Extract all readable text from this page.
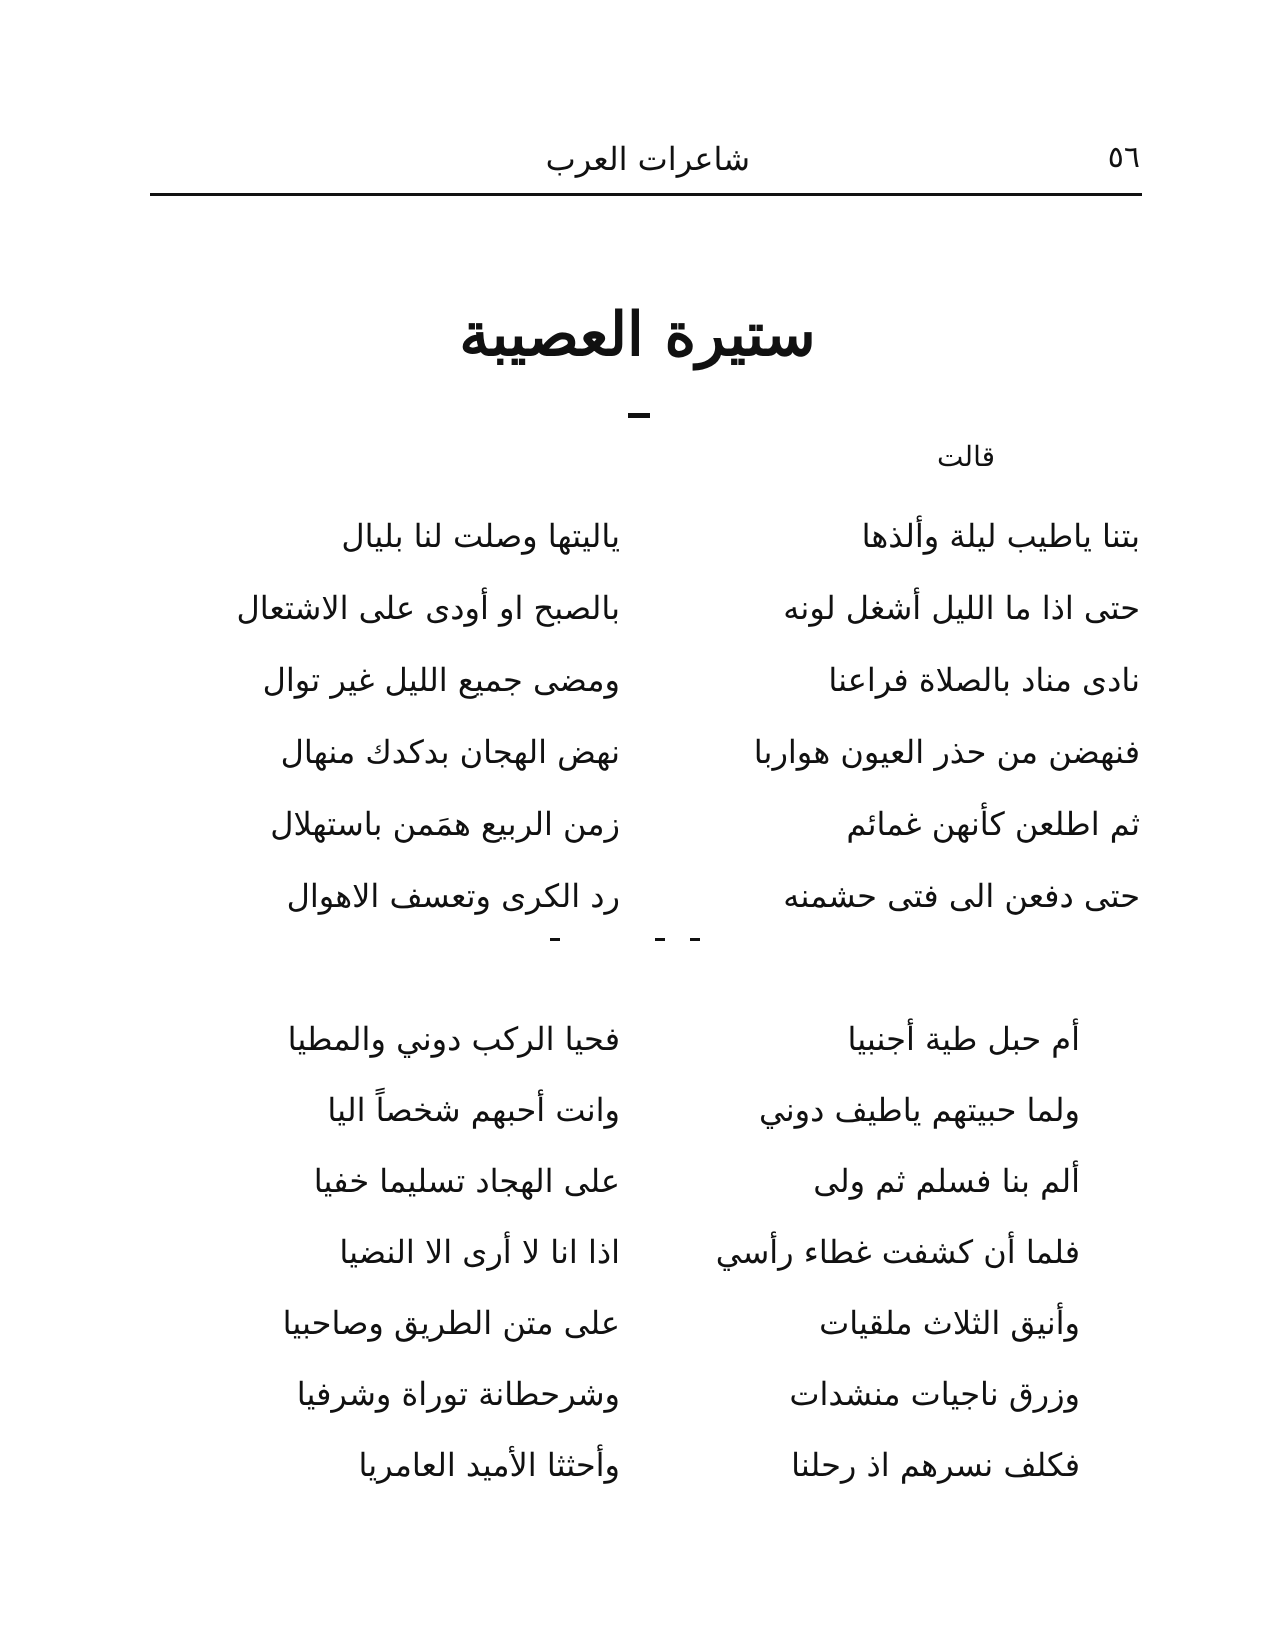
٥٦
شاعرات العرب
ستيرة العصيبة
قالت
بتنا ياطيب ليلة وألذها
ياليتها وصلت لنا بليال
حتى اذا ما الليل أشغل لونه
بالصبح او أودى على الاشتعال
نادى مناد بالصلاة فراعنا
ومضى جميع الليل غير توال
فنهضن من حذر العيون هواربا
نهض الهجان بدكدك منهال
ثم اطلعن كأنهن غمائم
زمن الربيع همَمن باستهلال
حتى دفعن الى فتى حشمنه
رد الكرى وتعسف الاهوال
أم حبل طية أجنبيا
فحيا الركب دوني والمطيا
ولما حبيتهم ياطيف دوني
وانت أحبهم شخصاً اليا
ألم بنا فسلم ثم ولى
على الهجاد تسليما خفيا
فلما أن كشفت غطاء رأسي
اذا انا لا أرى الا النضيا
وأنيق الثلاث ملقيات
على متن الطريق وصاحبيا
وزرق ناجيات منشدات
وشرحطانة توراة وشرفيا
فكلف نسرهم اذ رحلنا
وأحثثا الأميد العامريا
